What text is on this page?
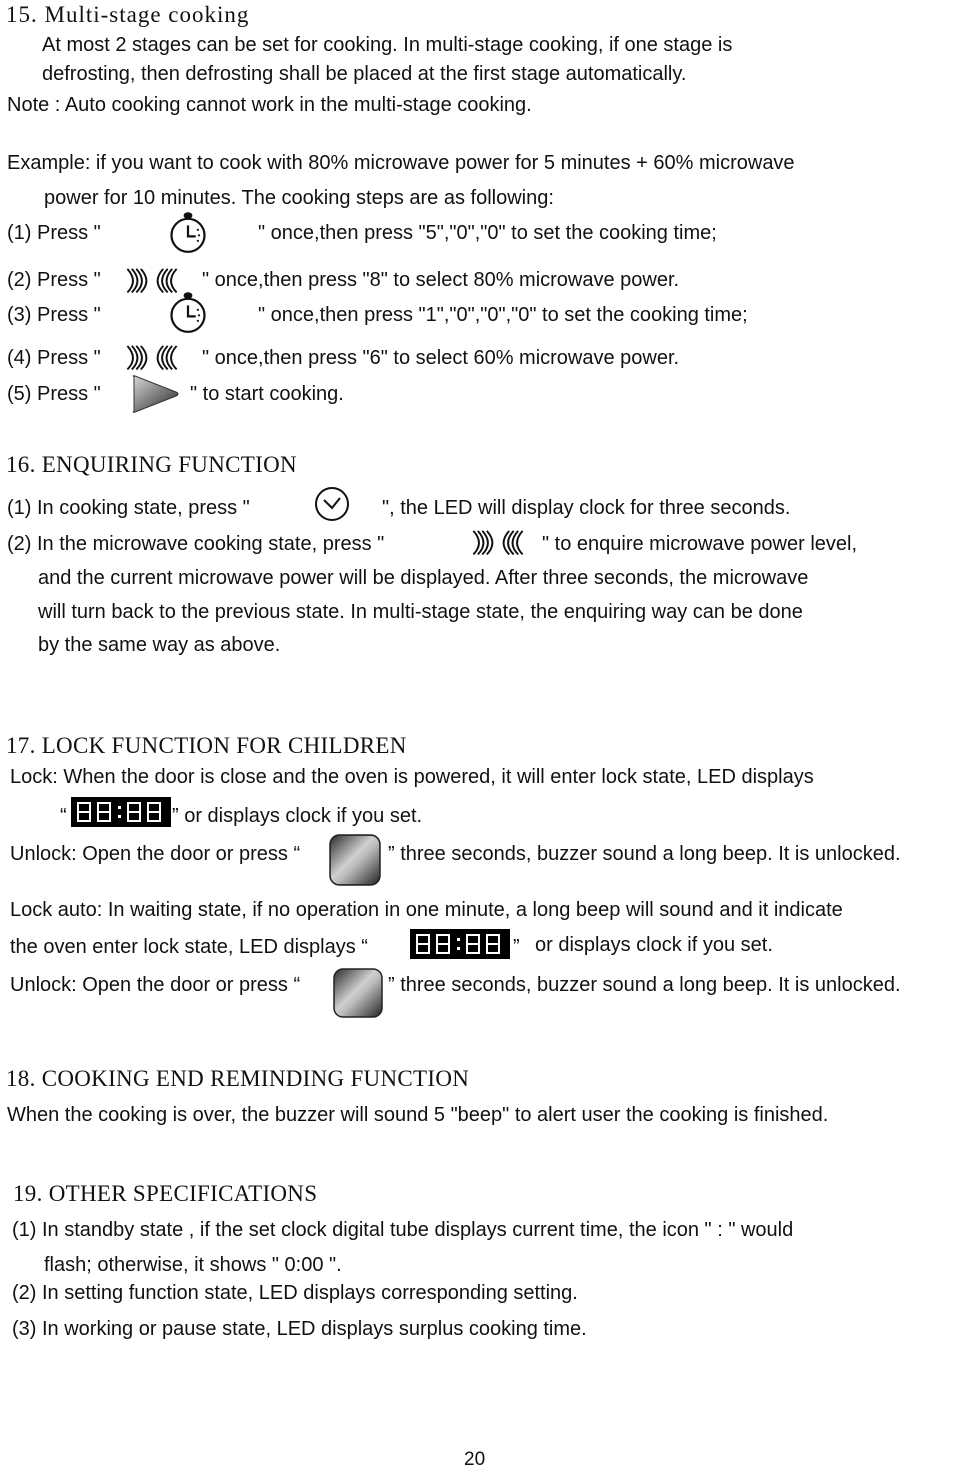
15. Multi-stage cooking
At most 2 stages can be set for cooking. In multi-stage cooking, if one stage is
defrosting, then defrosting shall be placed at the first stage automatically.
Note : Auto cooking cannot work in the multi-stage cooking.
Example: if you want to cook with 80% microwave power for 5 minutes + 60% microwave
power for 10 minutes. The cooking steps are as following:
(1) Press "	" once,then press "5","0","0" to set the cooking time;
(2) Press "	" once,then press "8" to select 80% microwave power.
(3) Press "	" once,then press "1","0","0","0" to set the cooking time;
(4) Press "	" once,then press "6" to select 60% microwave power.
(5) Press "	" to start cooking.
16. ENQUIRING FUNCTION
(1) In cooking state, press "	", the LED will display clock for three seconds.
(2) In the microwave cooking state, press "	" to enquire microwave power level,
and the current microwave power will be displayed. After three seconds, the microwave
will turn back to the previous state. In multi-stage state, the enquiring way can be done
by the same way as above.
17. LOCK FUNCTION FOR CHILDREN
Lock: When the door is close and the oven is powered, it will enter lock state, LED displays
“	” or displays clock if you set.
Unlock: Open the door or press “	” three seconds, buzzer sound a long beep. It is unlocked.
Lock auto: In waiting state, if no operation in one minute, a long beep will sound and it indicate
the oven enter lock state, LED displays “	” or displays clock if you set.
Unlock: Open the door or press “	” three seconds, buzzer sound a long beep. It is unlocked.
18. COOKING END REMINDING FUNCTION
When the cooking is over, the buzzer will sound 5 "beep" to alert user the cooking is finished.
19. OTHER SPECIFICATIONS
(1) In standby state , if the set clock digital tube displays current time, the icon " : " would
flash; otherwise, it shows " 0:00 ".
(2) In setting function state, LED displays corresponding setting.
(3) In working or pause state, LED displays surplus cooking time.
20
